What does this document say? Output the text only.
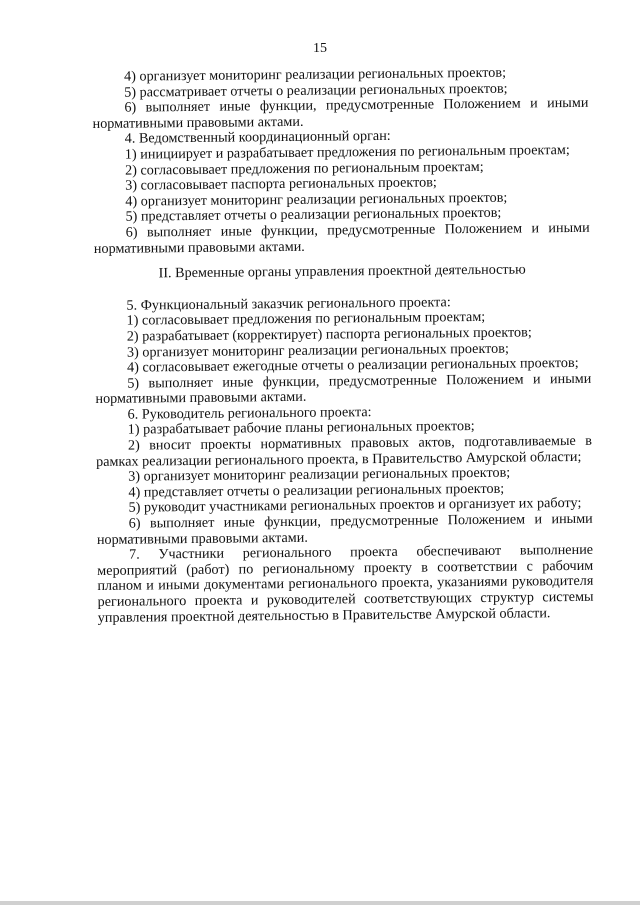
15

4) организует мониторинг реализации региональных проектов;

5) рассматривает отчеты о реализации региональных проектов;

6) выполняет иные функции, предусмотренные Положением и иными нормативными правовыми актами.

4. Ведомственный координационный орган:

1) инициирует и разрабатывает предложения по региональным проектам;

2) согласовывает предложения по региональным проектам;

3) согласовывает паспорта региональных проектов;

4) организует мониторинг реализации региональных проектов;

5) представляет отчеты о реализации региональных проектов;

6) выполняет иные функции, предусмотренные Положением и иными нормативными правовыми актами.

II. Временные органы управления проектной деятельностью

5. Функциональный заказчик регионального проекта:

1) согласовывает предложения по региональным проектам;

2) разрабатывает (корректирует) паспорта региональных проектов;

3) организует мониторинг реализации региональных проектов;

4) согласовывает ежегодные отчеты о реализации региональных проектов;

5) выполняет иные функции, предусмотренные Положением и иными нормативными правовыми актами.

6. Руководитель регионального проекта:

1) разрабатывает рабочие планы региональных проектов;

2) вносит проекты нормативных правовых актов, подготавливаемые в рамках реализации регионального проекта, в Правительство Амурской области;

3) организует мониторинг реализации региональных проектов;

4) представляет отчеты о реализации региональных проектов;

5) руководит участниками региональных проектов и организует их работу;

6) выполняет иные функции, предусмотренные Положением и иными нормативными правовыми актами.

7. Участники регионального проекта обеспечивают выполнение мероприятий (работ) по региональному проекту в соответствии с рабочим планом и иными документами регионального проекта, указаниями руководителя регионального проекта и руководителей соответствующих структур системы управления проектной деятельностью в Правительстве Амурской области.
